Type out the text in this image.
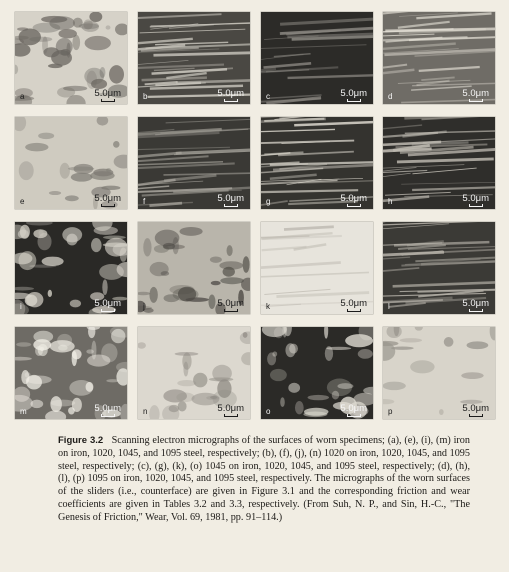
a	5.0μm	b	5.0μm	c	5.0μm	d	5.0μm
e	5.0μm	f	5.0μm	g	5.0μm	h	5.0μm
i	5.0μm	j	5.0μm	k	5.0μm	l	5.0μm
m	5.0μm	n	5.0μm	o	5.0μm	p	5.0μm

Figure 3.2 Scanning electron micrographs of the surfaces of worn specimens; (a), (e), (i), (m) iron on iron, 1020, 1045, and 1095 steel, respectively; (b), (f), (j), (n) 1020 on iron, 1020, 1045, and 1095 steel, respectively; (c), (g), (k), (o) 1045 on iron, 1020, 1045, and 1095 steel, respectively; (d), (h), (l), (p) 1095 on iron, 1020, 1045, and 1095 steel, respectively. The micrographs of the worn surfaces of the sliders (i.e., counterface) are given in Figure 3.1 and the corresponding friction and wear coefficients are given in Tables 3.2 and 3.3, respectively. (From Suh, N. P., and Sin, H.-C., "The Genesis of Friction," Wear, Vol. 69, 1981, pp. 91–114.)
